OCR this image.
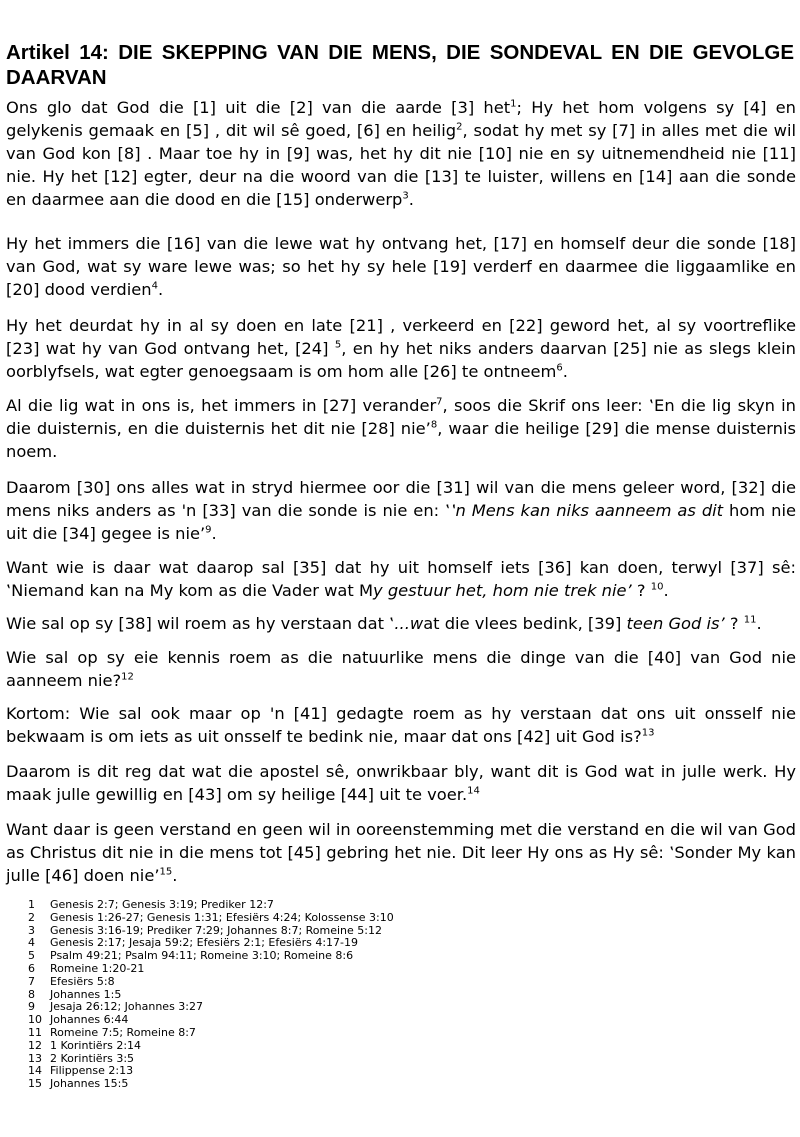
Artikel 14: DIE SKEPPING VAN DIE MENS, DIE SONDEVAL EN DIE GEVOLGE DAARVAN

Ons glo dat God die [1] uit die [2] van die aarde [3] het$^1$; Hy het hom volgens sy [4] en gelykenis gemaak en [5] , dit wil sê goed, [6] en heilig$^2$, sodat hy met sy [7] in alles met die wil van God kon [8] . Maar toe hy in [9] was, het hy dit nie [10] nie en sy uitnemendheid nie [11] nie. Hy het [12] egter, deur na die woord van die [13] te luister, willens en [14] aan die sonde en daarmee aan die dood en die [15] onderwerp$^3$.

Hy het immers die [16] van die lewe wat hy ontvang het, [17] en homself deur die sonde [18] van God, wat sy ware lewe was; so het hy sy hele [19] verderf en daarmee die liggaamlike en [20] dood verdien$^4$.

Hy het deurdat hy in al sy doen en late [21] , verkeerd en [22] geword het, al sy voortreflike [23] wat hy van God ontvang het, [24] $^5$, en hy het niks anders daarvan [25] nie as slegs klein oorblyfsels, wat egter genoegsaam is om hom alle [26] te ontneem$^6$.

Al die lig wat in ons is, het immers in [27] verander$^7$, soos die Skrif ons leer: ‛En die lig skyn in die duisternis, en die duisternis het dit nie [28] nie’$^8$, waar die heilige [29] die mense duisternis noem.

Daarom [30] ons alles wat in stryd hiermee oor die [31] wil van die mens geleer word, [32] die mens niks anders as 'n [33] van die sonde is nie en: ‛‛n Mens kan niks aanneem as dit hom nie uit die [34] gegee is nie’$^9$.

Want wie is daar wat daarop sal [35] dat hy uit homself iets [36] kan doen, terwyl [37] sê: ‛Niemand kan na My kom as die Vader wat My gestuur het, hom nie trek nie’ ? $^{10}$.

Wie sal op sy [38] wil roem as hy verstaan dat ‛...wat die vlees bedink, [39] teen God is’ ? $^{11}$.

Wie sal op sy eie kennis roem as die natuurlike mens die dinge van die [40] van God nie aanneem nie?$^{12}$

Kortom: Wie sal ook maar op 'n [41] gedagte roem as hy verstaan dat ons uit onsself nie bekwaam is om iets as uit onsself te bedink nie, maar dat ons [42] uit God is?$^{13}$

Daarom is dit reg dat wat die apostel sê, onwrikbaar bly, want dit is God wat in julle werk. Hy maak julle gewillig en [43] om sy heilige [44] uit te voer.$^{14}$

Want daar is geen verstand en geen wil in ooreenstemming met die verstand en die wil van God as Christus dit nie in die mens tot [45] gebring het nie. Dit leer Hy ons as Hy sê: ‛Sonder My kan julle [46] doen nie’$^{15}$.

1	Genesis 2:7; Genesis 3:19; Prediker 12:7
2	Genesis 1:26-27; Genesis 1:31; Efesiërs 4:24; Kolossense 3:10
3	Genesis 3:16-19; Prediker 7:29; Johannes 8:7; Romeine 5:12
4	Genesis 2:17; Jesaja 59:2; Efesiërs 2:1; Efesiërs 4:17-19
5	Psalm 49:21; Psalm 94:11; Romeine 3:10; Romeine 8:6
6	Romeine 1:20-21
7	Efesiërs 5:8
8	Johannes 1:5
9	Jesaja 26:12; Johannes 3:27
10 Johannes 6:44
11 Romeine 7:5; Romeine 8:7
12 1 Korintiërs 2:14
13 2 Korintiërs 3:5
14 Filippense 2:13
15 Johannes 15:5
